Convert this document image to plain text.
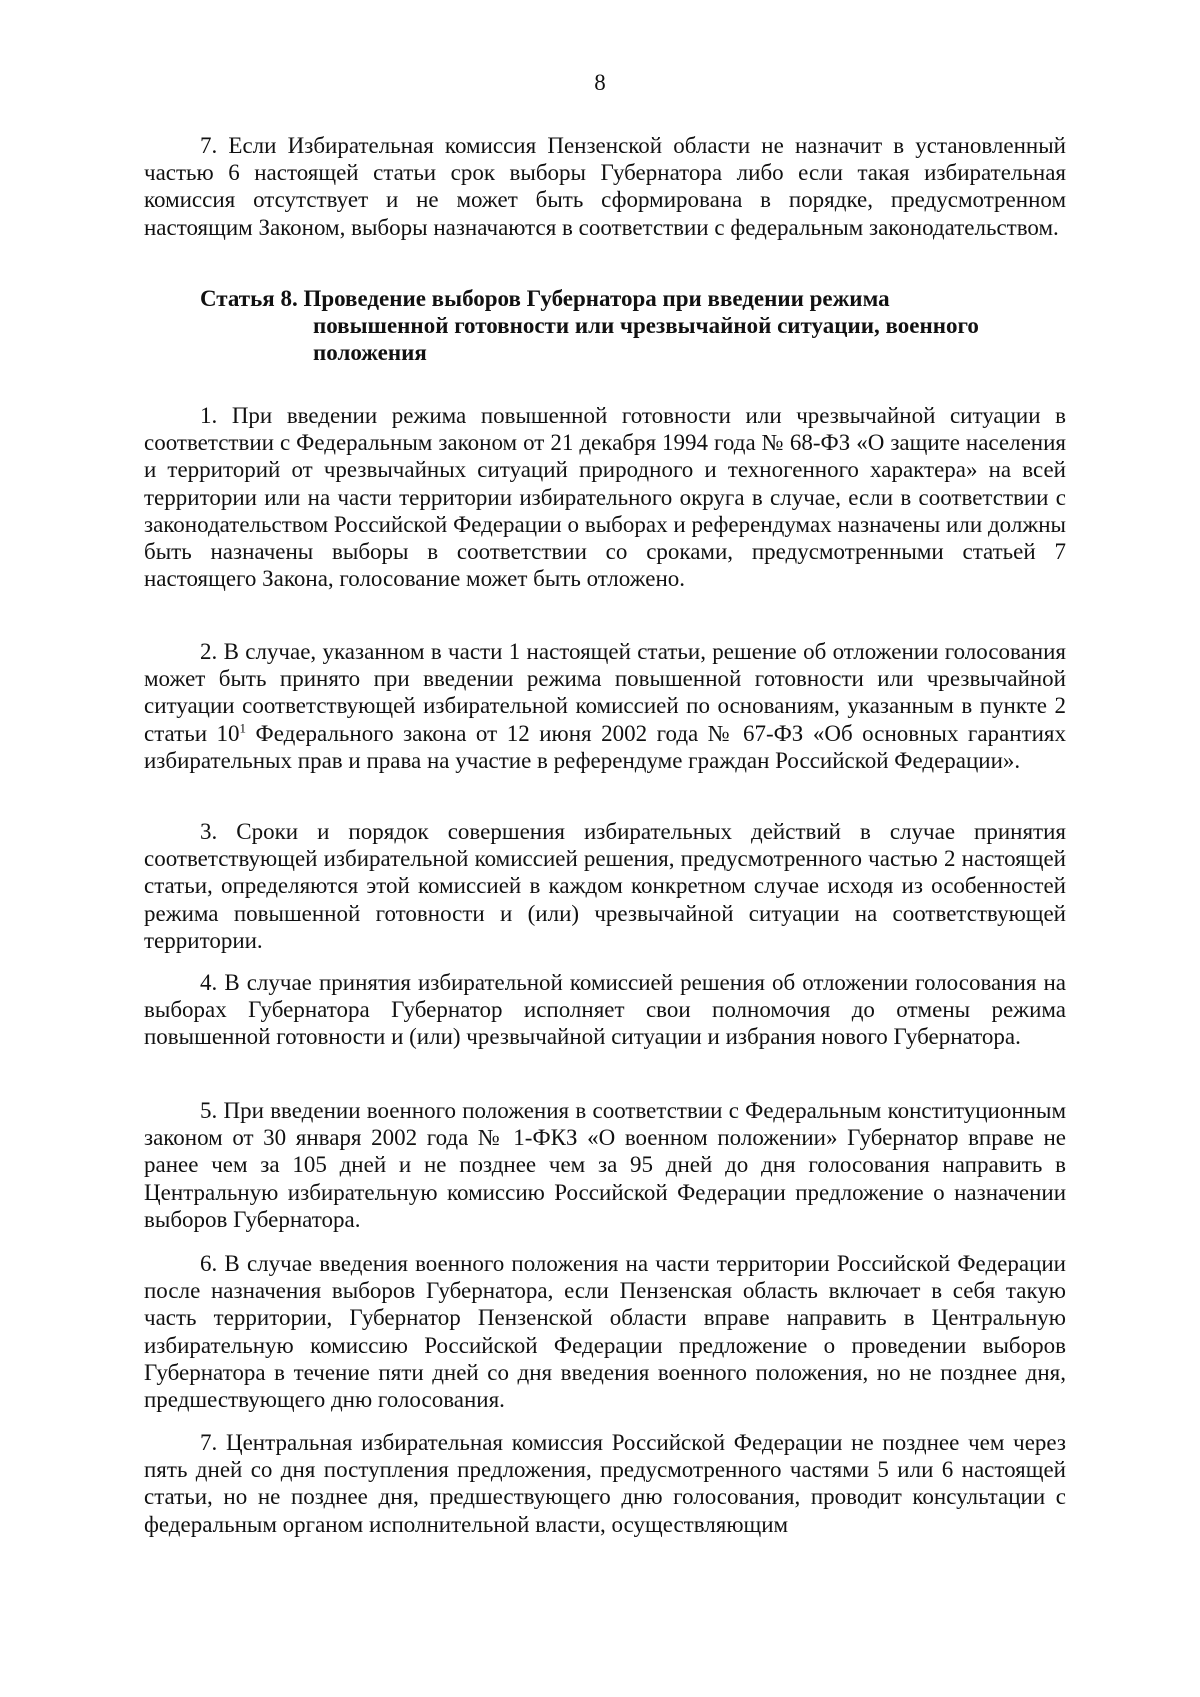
8

7. Если Избирательная комиссия Пензенской области не назначит в установленный частью 6 настоящей статьи срок выборы Губернатора либо если такая избирательная комиссия отсутствует и не может быть сформирована в порядке, предусмотренном настоящим Законом, выборы назначаются в соответствии с федеральным законодательством.

Статья 8. Проведение выборов Губернатора при введении режима
повышенной готовности или чрезвычайной ситуации, военного
положения

1. При введении режима повышенной готовности или чрезвычайной ситуации в соответствии с Федеральным законом от 21 декабря 1994 года № 68-ФЗ «О защите населения и территорий от чрезвычайных ситуаций природного и техногенного характера» на всей территории или на части территории избирательного округа в случае, если в соответствии с законодательством Российской Федерации о выборах и референдумах назначены или должны быть назначены выборы в соответствии со сроками, предусмотренными статьей 7 настоящего Закона, голосование может быть отложено.

2. В случае, указанном в части 1 настоящей статьи, решение об отложении голосования может быть принято при введении режима повышенной готовности или чрезвычайной ситуации соответствующей избирательной комиссией по основаниям, указанным в пункте 2 статьи $10^1$ Федерального закона от 12 июня 2002 года № 67-ФЗ «Об основных гарантиях избирательных прав и права на участие в референдуме граждан Российской Федерации».

3. Сроки и порядок совершения избирательных действий в случае принятия соответствующей избирательной комиссией решения, предусмотренного частью 2 настоящей статьи, определяются этой комиссией в каждом конкретном случае исходя из особенностей режима повышенной готовности и (или) чрезвычайной ситуации на соответствующей территории.

4. В случае принятия избирательной комиссией решения об отложении голосования на выборах Губернатора Губернатор исполняет свои полномочия до отмены режима повышенной готовности и (или) чрезвычайной ситуации и избрания нового Губернатора.

5. При введении военного положения в соответствии с Федеральным конституционным законом от 30 января 2002 года № 1-ФКЗ «О военном положении» Губернатор вправе не ранее чем за 105 дней и не позднее чем за 95 дней до дня голосования направить в Центральную избирательную комиссию Российской Федерации предложение о назначении выборов Губернатора.

6. В случае введения военного положения на части территории Российской Федерации после назначения выборов Губернатора, если Пензенская область включает в себя такую часть территории, Губернатор Пензенской области вправе направить в Центральную избирательную комиссию Российской Федерации предложение о проведении выборов Губернатора в течение пяти дней со дня введения военного положения, но не позднее дня, предшествующего дню голосования.

7. Центральная избирательная комиссия Российской Федерации не позднее чем через пять дней со дня поступления предложения, предусмотренного частями 5 или 6 настоящей статьи, но не позднее дня, предшествующего дню голосования, проводит консультации с федеральным органом исполнительной власти, осуществляющим
